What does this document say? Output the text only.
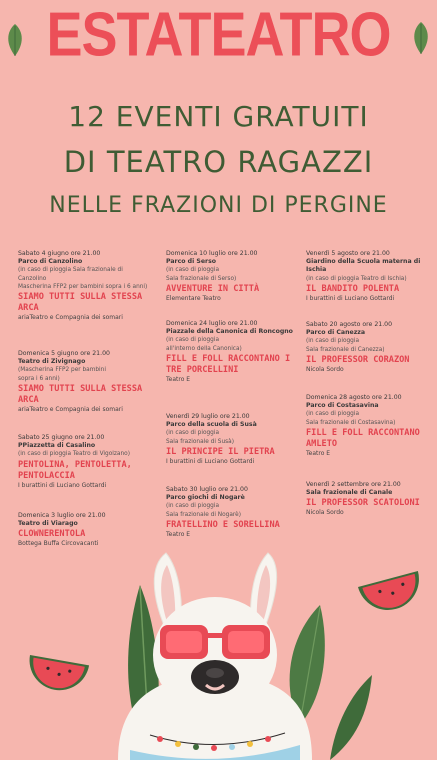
ESTATEATRO
12 EVENTI GRATUITI
DI TEATRO RAGAZZI
NELLE FRAZIONI DI PERGINE
Sabato 4 giugno ore 21.00
Parco di Canzolino
(in caso di pioggia Sala frazionale di Canzolino
Mascherina FFP2 per bambini sopra i 6 anni)
SIAMO TUTTI SULLA STESSA ARCA
ariaTeatro e Compagnia dei somari
Domenica 5 giugno ore 21.00
Teatro di Zivignago
(Mascherina FFP2 per bambini
sopra i 6 anni)
SIAMO TUTTI SULLA STESSA ARCA
ariaTeatro e Compagnia dei somari
Sabato 25 giugno ore 21.00
PPiazzetta di Casalino
(in caso di pioggia Teatro di Vigolzano)
PENTOLINA, PENTOLETTA, PENTOLACCIA
I burattini di Luciano Gottardi
Domenica 3 luglio ore 21.00
Teatro di Viarago
CLOWNERENTOLA
Bottega Buffa Circovacanti
Domenica 10 luglio ore 21.00
Parco di Serso
(in caso di pioggia
Sala frazionale di Serso)
AVVENTURE IN CITTÀ
Elementare Teatro
Domenica 24 luglio ore 21.00
Piazzale della Canonica di Roncogno
(in caso di pioggia
all'interno della Canonica)
FILL E FOLL RACCONTANO I TRE PORCELLINI
Teatro E
Venerdì 29 luglio ore 21.00
Parco della scuola di Susà
(in caso di pioggia
Sala frazionale di Susà)
IL PRINCIPE IL PIETRA
I burattini di Luciano Gottardi
Sabato 30 luglio ore 21.00
Parco giochi di Nogarè
(in caso di pioggia
Sala frazionale di Nogarè)
FRATELLINO E SORELLINA
Teatro E
Venerdì 5 agosto ore 21.00
Giardino della Scuola materna di Ischia
(in caso di pioggia Teatro di Ischia)
IL BANDITO POLENTA
I burattini di Luciano Gottardi
Sabato 20 agosto ore 21.00
Parco di Canezza
(in caso di pioggia
Sala frazionale di Canezza)
IL PROFESSOR CORAZON
Nicola Sordo
Domenica 28 agosto ore 21.00
Parco di Costasavina
(in caso di pioggia
Sala frazionale di Costasavina)
FILL E FOLL RACCONTANO AMLETO
Teatro E
Venerdì 2 settembre ore 21.00
Sala frazionale di Canale
IL PROFESSOR SCATOLONI
Nicola Sordo
